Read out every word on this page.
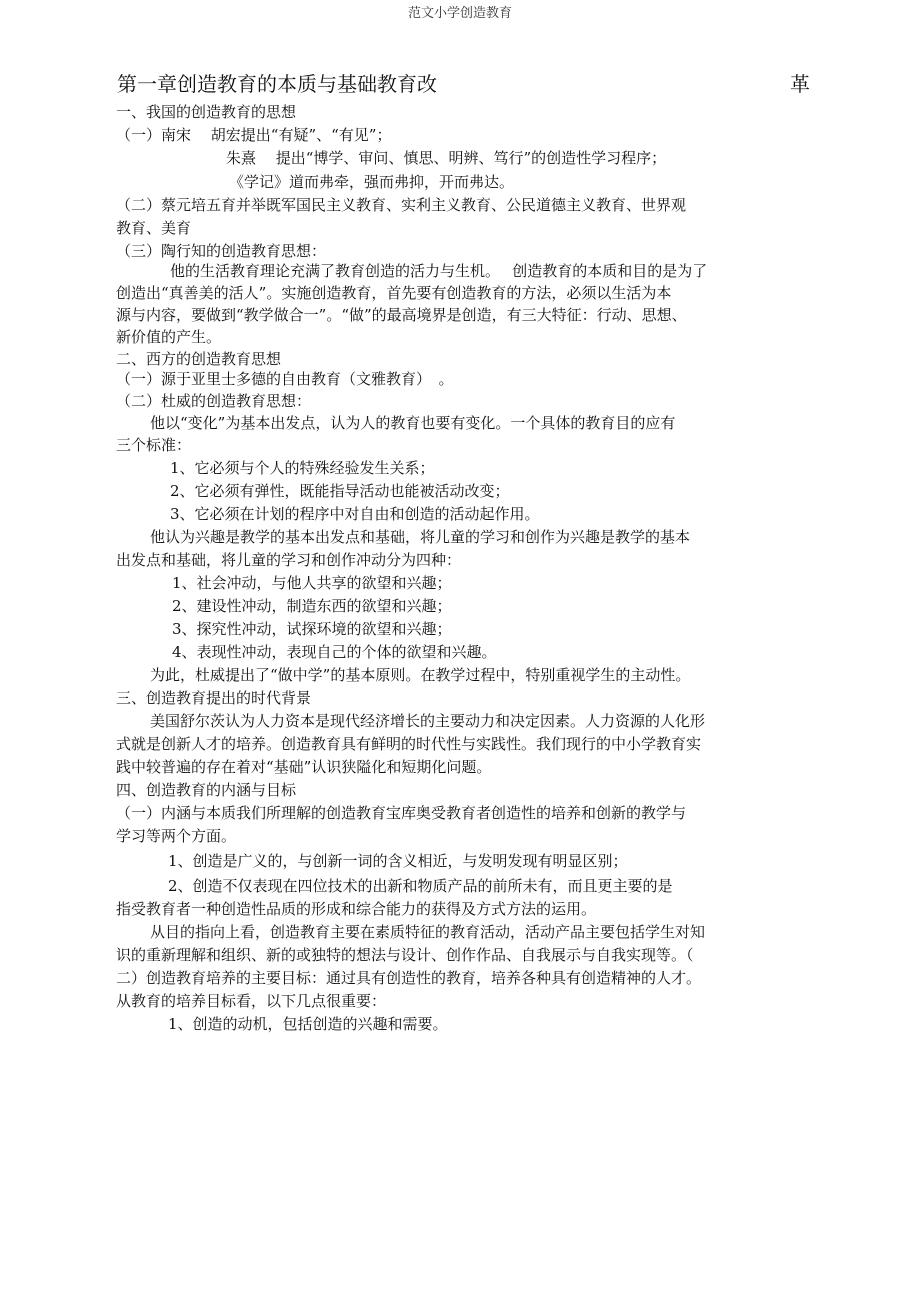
范文小学创造教育
第一章创造教育的本质与基础教育改	革
一、我国的创造教育的思想
（一）南宋　 胡宏提出“有疑”、“有见”；
朱熹　 提出“博学、审问、慎思、明辨、笃行”的创造性学习程序；
《学记》道而弗牵，强而弗抑，开而弗达。
（二）蔡元培五育并举既军国民主义教育、实利主义教育、公民道德主义教育、世界观
教育、美育
（三）陶行知的创造教育思想：
他的生活教育理论充满了教育创造的活力与生机。　 创造教育的本质和目的是为了
创造出“真善美的活人”。实施创造教育，首先要有创造教育的方法，必须以生活为本
源与内容，要做到“教学做合一”。“做”的最高境界是创造，有三大特征：行动、思想、
新价值的产生。
二、西方的创造教育思想
（一）源于亚里士多德的自由教育（文雅教育）　。
（二）杜威的创造教育思想：
他以“变化”为基本出发点，认为人的教育也要有变化。一个具体的教育目的应有
三个标准：
1、它必须与个人的特殊经验发生关系；
2、它必须有弹性，既能指导活动也能被活动改变；
3、它必须在计划的程序中对自由和创造的活动起作用。
他认为兴趣是教学的基本出发点和基础，将儿童的学习和创作为兴趣是教学的基本
出发点和基础，将儿童的学习和创作冲动分为四种：
1、社会冲动，与他人共享的欲望和兴趣；
2、建设性冲动，制造东西的欲望和兴趣；
3、探究性冲动，试探环境的欲望和兴趣；
4、表现性冲动，表现自己的个体的欲望和兴趣。
为此，杜威提出了“做中学”的基本原则。在教学过程中，特别重视学生的主动性。
三、创造教育提出的时代背景
美国舒尔茨认为人力资本是现代经济增长的主要动力和决定因素。人力资源的人化形
式就是创新人才的培养。创造教育具有鲜明的时代性与实践性。我们现行的中小学教育实
践中较普遍的存在着对“基础”认识狭隘化和短期化问题。
四、创造教育的内涵与目标
（一）内涵与本质我们所理解的创造教育宝库奥受教育者创造性的培养和创新的教学与
学习等两个方面。
1、创造是广义的，与创新一词的含义相近，与发明发现有明显区别；
2、创造不仅表现在四位技术的出新和物质产品的前所未有，而且更主要的是
指受教育者一种创造性品质的形成和综合能力的获得及方式方法的运用。
从目的指向上看，创造教育主要在素质特征的教育活动，活动产品主要包括学生对知
识的重新理解和组织、新的或独特的想法与设计、创作作品、自我展示与自我实现等。（
二）创造教育培养的主要目标：通过具有创造性的教育，培养各种具有创造精神的人才。
从教育的培养目标看，以下几点很重要：
1、创造的动机，包括创造的兴趣和需要。
